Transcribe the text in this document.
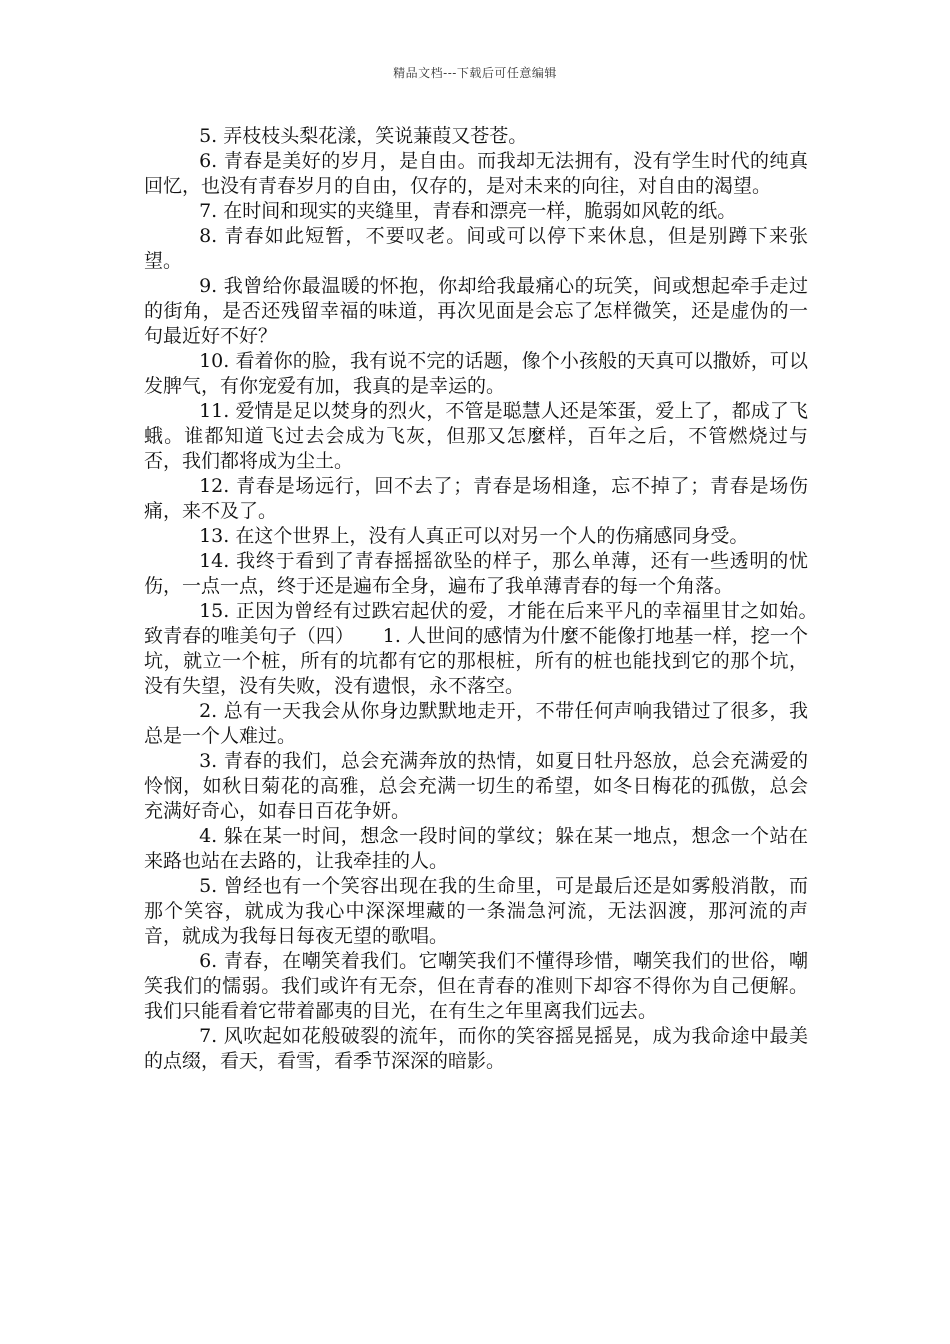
精品文档---下载后可任意编辑

5. 弄枝枝头梨花漾，笑说蒹葭又苍苍。

6. 青春是美好的岁月，是自由。而我却无法拥有，没有学生时代的纯真回忆，也没有青春岁月的自由，仅存的，是对未来的向往，对自由的渴望。

7. 在时间和现实的夹缝里，青春和漂亮一样，脆弱如风乾的纸。

8. 青春如此短暂，不要叹老。间或可以停下来休息，但是别蹲下来张望。

9. 我曾给你最温暖的怀抱，你却给我最痛心的玩笑，间或想起牵手走过的街角，是否还残留幸福的味道，再次见面是会忘了怎样微笑，还是虚伪的一句最近好不好？

10. 看着你的脸，我有说不完的话题，像个小孩般的天真可以撒娇，可以发脾气，有你宠爱有加，我真的是幸运的。

11. 爱情是足以焚身的烈火，不管是聪慧人还是笨蛋，爱上了，都成了飞蛾。谁都知道飞过去会成为飞灰，但那又怎麼样，百年之后，不管燃烧过与否，我们都将成为尘土。

12. 青春是场远行，回不去了；青春是场相逢，忘不掉了；青春是场伤痛，来不及了。

13. 在这个世界上，没有人真正可以对另一个人的伤痛感同身受。

14. 我终于看到了青春摇摇欲坠的样子，那么单薄，还有一些透明的忧伤，一点一点，终于还是遍布全身，遍布了我单薄青春的每一个角落。

15. 正因为曾经有过跌宕起伏的爱，才能在后来平凡的幸福里甘之如始。　　致青春的唯美句子（四）　　1. 人世间的感情为什麼不能像打地基一样，挖一个坑，就立一个桩，所有的坑都有它的那根桩，所有的桩也能找到它的那个坑，没有失望，没有失败，没有遗恨，永不落空。

2. 总有一天我会从你身边默默地走开，不带任何声响我错过了很多，我总是一个人难过。

3. 青春的我们，总会充满奔放的热情，如夏日牡丹怒放，总会充满爱的怜悯，如秋日菊花的高雅，总会充满一切生的希望，如冬日梅花的孤傲，总会充满好奇心，如春日百花争妍。

4. 躲在某一时间，想念一段时间的掌纹；躲在某一地点，想念一个站在来路也站在去路的，让我牵挂的人。

5. 曾经也有一个笑容出现在我的生命里，可是最后还是如雾般消散，而那个笑容，就成为我心中深深埋藏的一条湍急河流，无法泅渡，那河流的声音，就成为我每日每夜无望的歌唱。

6. 青春，在嘲笑着我们。它嘲笑我们不懂得珍惜，嘲笑我们的世俗，嘲笑我们的懦弱。我们或许有无奈，但在青春的准则下却容不得你为自己便解。我们只能看着它带着鄙夷的目光，在有生之年里离我们远去。

7. 风吹起如花般破裂的流年，而你的笑容摇晃摇晃，成为我命途中最美的点缀，看天，看雪，看季节深深的暗影。
